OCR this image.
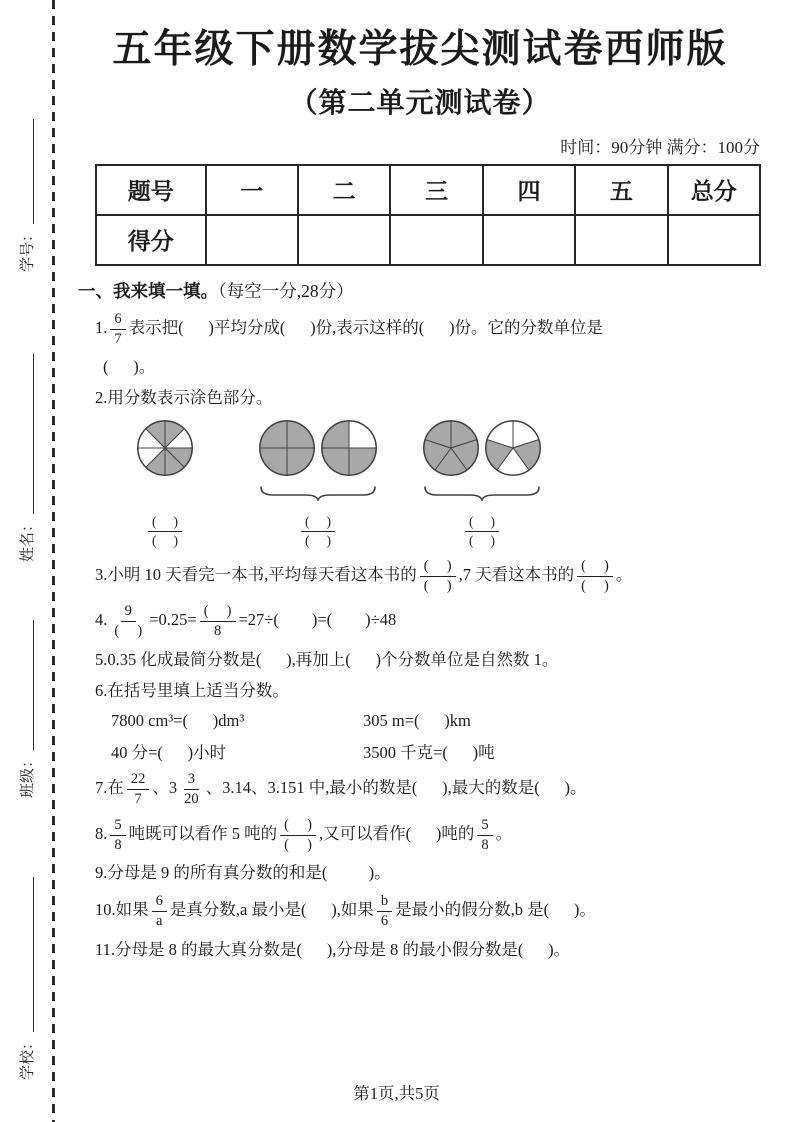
学号：
姓名：
班级：
学校：
五年级下册数学拔尖测试卷西师版
（第二单元测试卷）
时间：90分钟 满分：100分
题号	一	二	三	四	五	总分
得分						
一、我来填一填。（每空一分,28分）
1. $\frac{6}{7}$ 表示把(      )平均分成(      )份,表示这样的(      )份。它的分数单位是
(      )。
2.用分数表示涂色部分。
$\frac{( )}{( )}$	$\frac{( )}{( )}$	$\frac{( )}{( )}$
3.小明 10 天看完一本书,平均每天看这本书的 $\frac{( )}{( )} ,7$ 天看这本书的 $\frac{( )}{( )}$ 。
4. $\frac{9}{( )} =0.25= \frac{( )}{8} =27\div$(        )=(        )÷48
5.0.35 化成最简分数是(      ),再加上(      )个分数单位是自然数 1。
6.在括号里填上适当分数。
7800 cm³=(      )dm³	305 m=(      )km
40 分=(      )小时	3500 千克=(      )吨
7.在 $\frac{22}{7}$ 、$3 \frac{3}{20}$ 、3.14、3.151 中,最小的数是(      ),最大的数是(      )。
8. $\frac{5}{8}$ 吨既可以看作 5 吨的 $\frac{( )}{( )}$ ,又可以看作(      )吨的 $\frac{5}{8}$ 。
9.分母是 9 的所有真分数的和是(          )。
10.如果 $\frac{6}{a}$ 是真分数,a 最小是(      ),如果 $\frac{b}{6}$ 是最小的假分数,b 是(      )。
11.分母是 8 的最大真分数是(      ),分母是 8 的最小假分数是(      )。
第1页,共5页
